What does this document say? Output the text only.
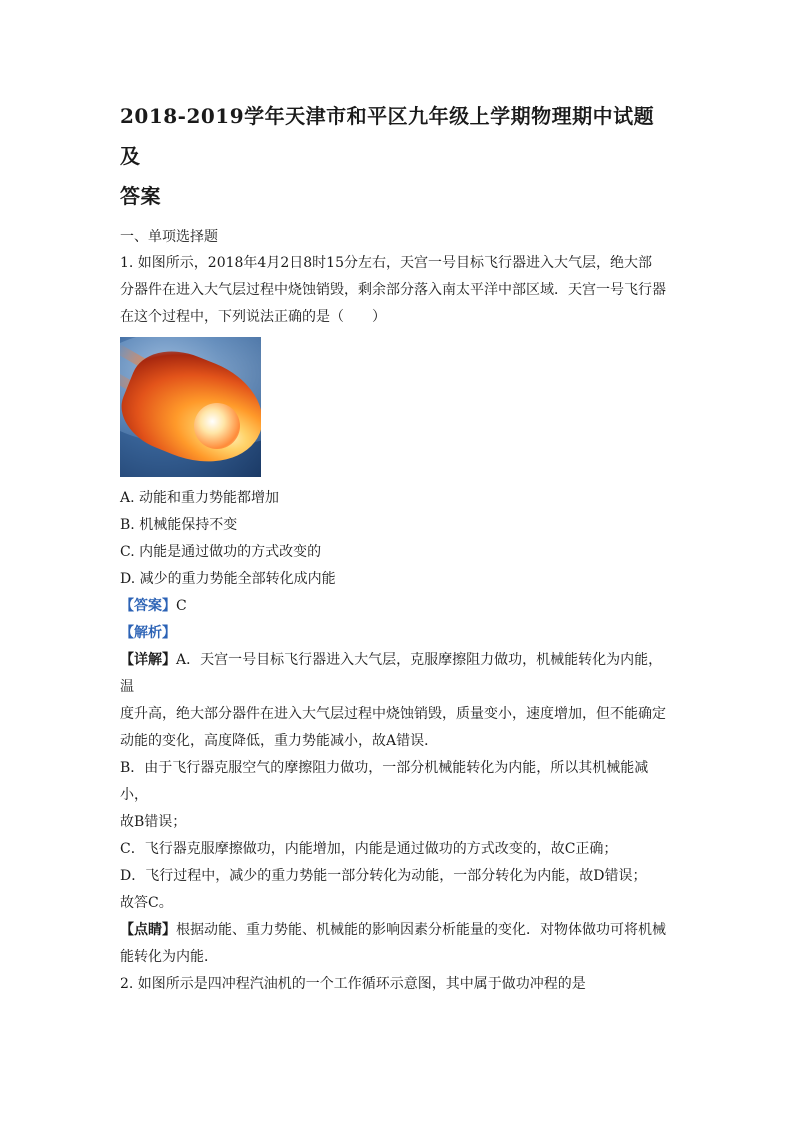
2018-2019学年天津市和平区九年级上学期物理期中试题及
答案
一、单项选择题

1. 如图所示，2018年4月2日8时15分左右，天宫一号目标飞行器进入大气层，绝大部

分器件在进入大气层过程中烧蚀销毁，剩余部分落入南太平洋中部区域．天宫一号飞行器

在这个过程中，下列说法正确的是（　　）

A. 动能和重力势能都增加
B. 机械能保持不变
C. 内能是通过做功的方式改变的
D. 减少的重力势能全部转化成内能
【答案】C
【解析】

【详解】A．天宫一号目标飞行器进入大气层，克服摩擦阻力做功，机械能转化为内能，温

度升高，绝大部分器件在进入大气层过程中烧蚀销毁，质量变小，速度增加，但不能确定

动能的变化，高度降低，重力势能减小，故A错误．

B．由于飞行器克服空气的摩擦阻力做功，一部分机械能转化为内能，所以其机械能减小，

故B错误；

C．飞行器克服摩擦做功，内能增加，内能是通过做功的方式改变的，故C正确；

D．飞行过程中，减少的重力势能一部分转化为动能，一部分转化为内能，故D错误；

故答C。

【点睛】根据动能、重力势能、机械能的影响因素分析能量的变化．对物体做功可将机械

能转化为内能．

2. 如图所示是四冲程汽油机的一个工作循环示意图，其中属于做功冲程的是
